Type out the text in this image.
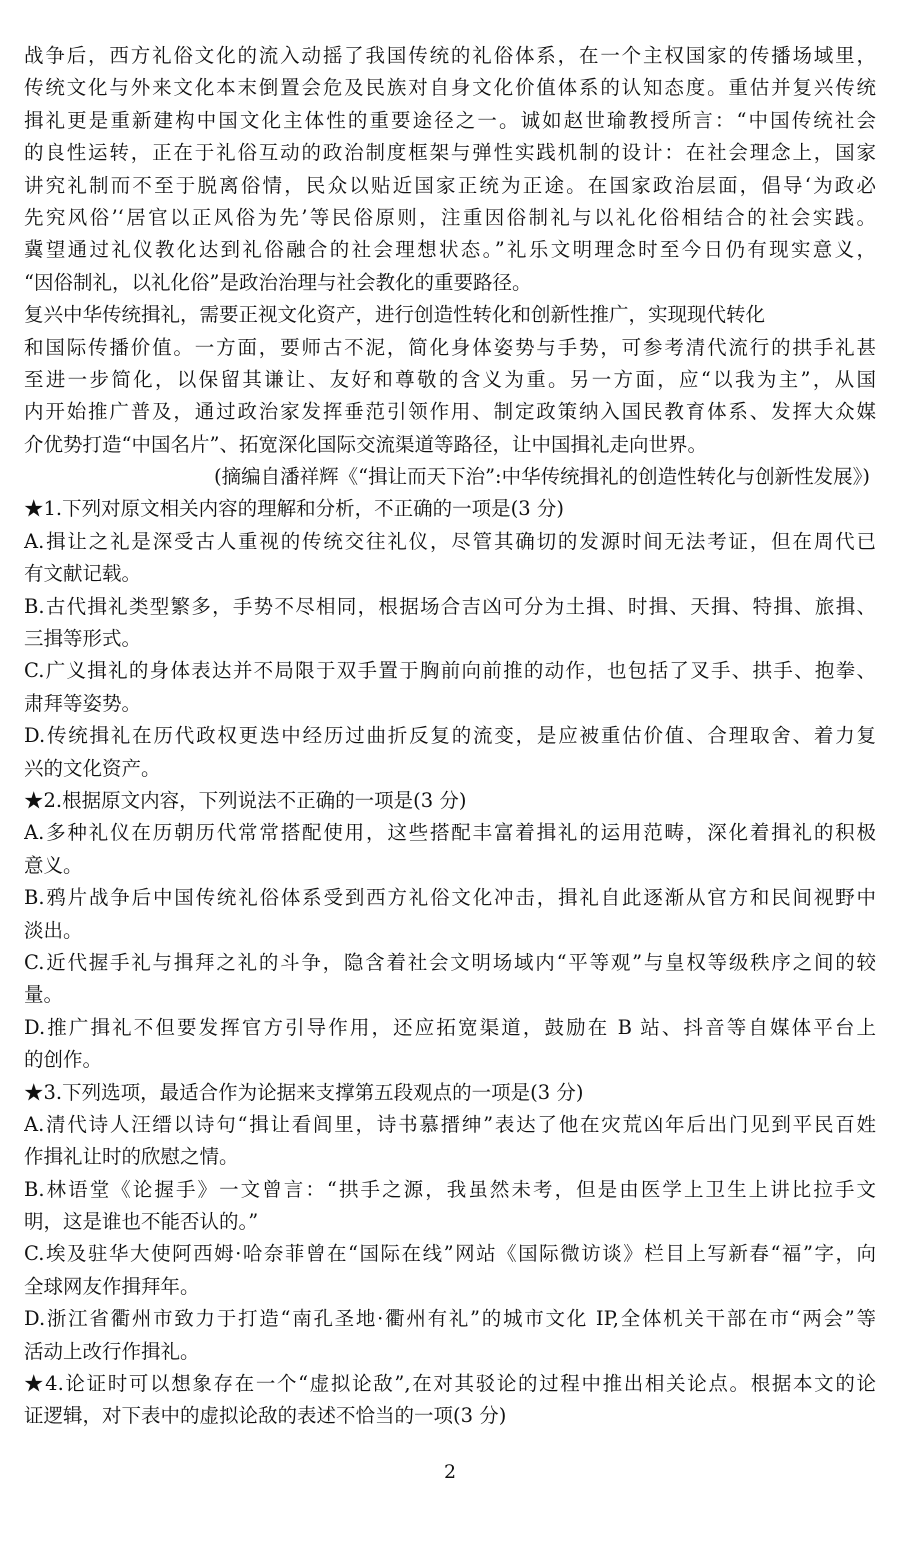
战争后，西方礼俗文化的流入动摇了我国传统的礼俗体系，在一个主权国家的传播场域里，
传统文化与外来文化本末倒置会危及民族对自身文化价值体系的认知态度。重估并复兴传统
揖礼更是重新建构中国文化主体性的重要途径之一。诚如赵世瑜教授所言：“中国传统社会
的良性运转，正在于礼俗互动的政治制度框架与弹性实践机制的设计：在社会理念上，国家
讲究礼制而不至于脱离俗情，民众以贴近国家正统为正途。在国家政治层面，倡导‘为政必
先究风俗’‘居官以正风俗为先’等民俗原则，注重因俗制礼与以礼化俗相结合的社会实践。
冀望通过礼仪教化达到礼俗融合的社会理想状态。”礼乐文明理念时至今日仍有现实意义，
“因俗制礼，以礼化俗”是政治治理与社会教化的重要路径。
复兴中华传统揖礼，需要正视文化资产，进行创造性转化和创新性推广，实现现代转化
和国际传播价值。一方面，要师古不泥，简化身体姿势与手势，可参考清代流行的拱手礼甚
至进一步简化，以保留其谦让、友好和尊敬的含义为重。另一方面，应“以我为主”，从国
内开始推广普及，通过政治家发挥垂范引领作用、制定政策纳入国民教育体系、发挥大众媒
介优势打造“中国名片”、拓宽深化国际交流渠道等路径，让中国揖礼走向世界。
(摘编自潘祥辉《“揖让而天下治”:中华传统揖礼的创造性转化与创新性发展》)
★1.下列对原文相关内容的理解和分析，不正确的一项是(3 分)
A.揖让之礼是深受古人重视的传统交往礼仪，尽管其确切的发源时间无法考证，但在周代已
有文献记载。
B.古代揖礼类型繁多，手势不尽相同，根据场合吉凶可分为土揖、时揖、天揖、特揖、旅揖、
三揖等形式。
C.广义揖礼的身体表达并不局限于双手置于胸前向前推的动作，也包括了叉手、拱手、抱拳、
肃拜等姿势。
D.传统揖礼在历代政权更迭中经历过曲折反复的流变，是应被重估价值、合理取舍、着力复
兴的文化资产。
★2.根据原文内容，下列说法不正确的一项是(3 分)
A.多种礼仪在历朝历代常常搭配使用，这些搭配丰富着揖礼的运用范畴，深化着揖礼的积极
意义。
B.鸦片战争后中国传统礼俗体系受到西方礼俗文化冲击，揖礼自此逐渐从官方和民间视野中
淡出。
C.近代握手礼与揖拜之礼的斗争，隐含着社会文明场域内“平等观”与皇权等级秩序之间的较
量。
D.推广揖礼不但要发挥官方引导作用，还应拓宽渠道，鼓励在 B 站、抖音等自媒体平台上
的创作。
★3.下列选项，最适合作为论据来支撑第五段观点的一项是(3 分)
A.清代诗人汪缙以诗句“揖让看闾里，诗书慕搢绅”表达了他在灾荒凶年后出门见到平民百姓
作揖礼让时的欣慰之情。
B.林语堂《论握手》一文曾言：“拱手之源，我虽然未考，但是由医学上卫生上讲比拉手文
明，这是谁也不能否认的。”
C.埃及驻华大使阿西姆·哈奈菲曾在“国际在线”网站《国际微访谈》栏目上写新春“福”字，向
全球网友作揖拜年。
D.浙江省衢州市致力于打造“南孔圣地·衢州有礼”的城市文化 IP,全体机关干部在市“两会”等
活动上改行作揖礼。
★4.论证时可以想象存在一个“虚拟论敌”,在对其驳论的过程中推出相关论点。根据本文的论
证逻辑，对下表中的虚拟论敌的表述不恰当的一项(3 分)
2
